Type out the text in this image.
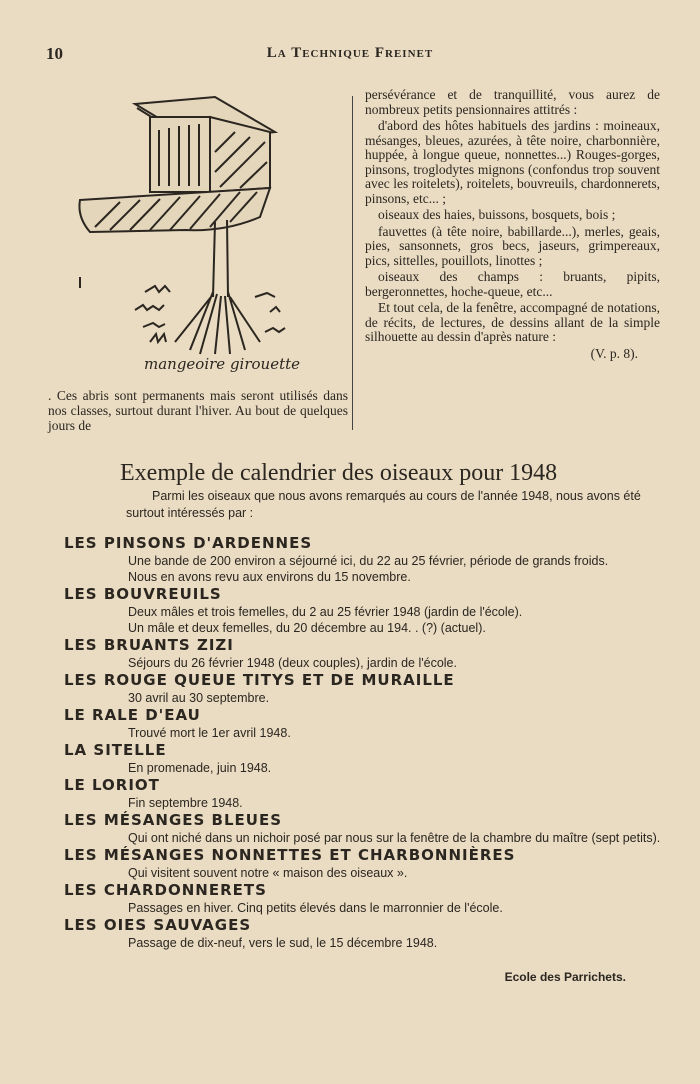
10	La Technique Freinet
mangeoire girouette
. Ces abris sont permanents mais seront utilisés dans nos classes, surtout durant l'hiver. Au bout de quelques jours de

persévérance et de tranquillité, vous aurez de nombreux petits pensionnaires attitrés :

d'abord des hôtes habituels des jardins : moineaux, mésanges, bleues, azurées, à tête noire, charbonnière, huppée, à longue queue, nonnettes...) Rouges-gorges, pinsons, troglodytes mignons (confondus trop souvent avec les roitelets), roitelets, bouvreuils, chardonnerets, pinsons, etc... ;

oiseaux des haies, buissons, bosquets, bois ;

fauvettes (à tête noire, babillarde...), merles, geais, pies, sansonnets, gros becs, jaseurs, grimpereaux, pics, sittelles, pouillots, linottes ;

oiseaux des champs : bruants, pipits, bergeronnettes, hoche-queue, etc...

Et tout cela, de la fenêtre, accompagné de notations, de récits, de lectures, de dessins allant de la simple silhouette au dessin d'après nature :

(V. p. 8).
Exemple de calendrier des oiseaux pour 1948
Parmi les oiseaux que nous avons remarqués au cours de l'année 1948, nous avons été surtout intéressés par :
LES PINSONS D'ARDENNES
Une bande de 200 environ a séjourné ici, du 22 au 25 février, période de grands froids.
Nous en avons revu aux environs du 15 novembre.
LES BOUVREUILS
Deux mâles et trois femelles, du 2 au 25 février 1948 (jardin de l'école).
Un mâle et deux femelles, du 20 décembre au 194. . (?) (actuel).
LES BRUANTS ZIZI
Séjours du 26 février 1948 (deux couples), jardin de l'école.
LES ROUGE QUEUE TITYS ET DE MURAILLE
30 avril au 30 septembre.
LE RALE D'EAU
Trouvé mort le 1er avril 1948.
LA SITELLE
En promenade, juin 1948.
LE LORIOT
Fin septembre 1948.
LES MÉSANGES BLEUES
Qui ont niché dans un nichoir posé par nous sur la fenêtre de la chambre du maître (sept petits).
LES MÉSANGES NONNETTES ET CHARBONNIÈRES
Qui visitent souvent notre « maison des oiseaux ».
LES CHARDONNERETS
Passages en hiver. Cinq petits élevés dans le marronnier de l'école.
LES OIES SAUVAGES
Passage de dix-neuf, vers le sud, le 15 décembre 1948.
Ecole des Parrichets.
